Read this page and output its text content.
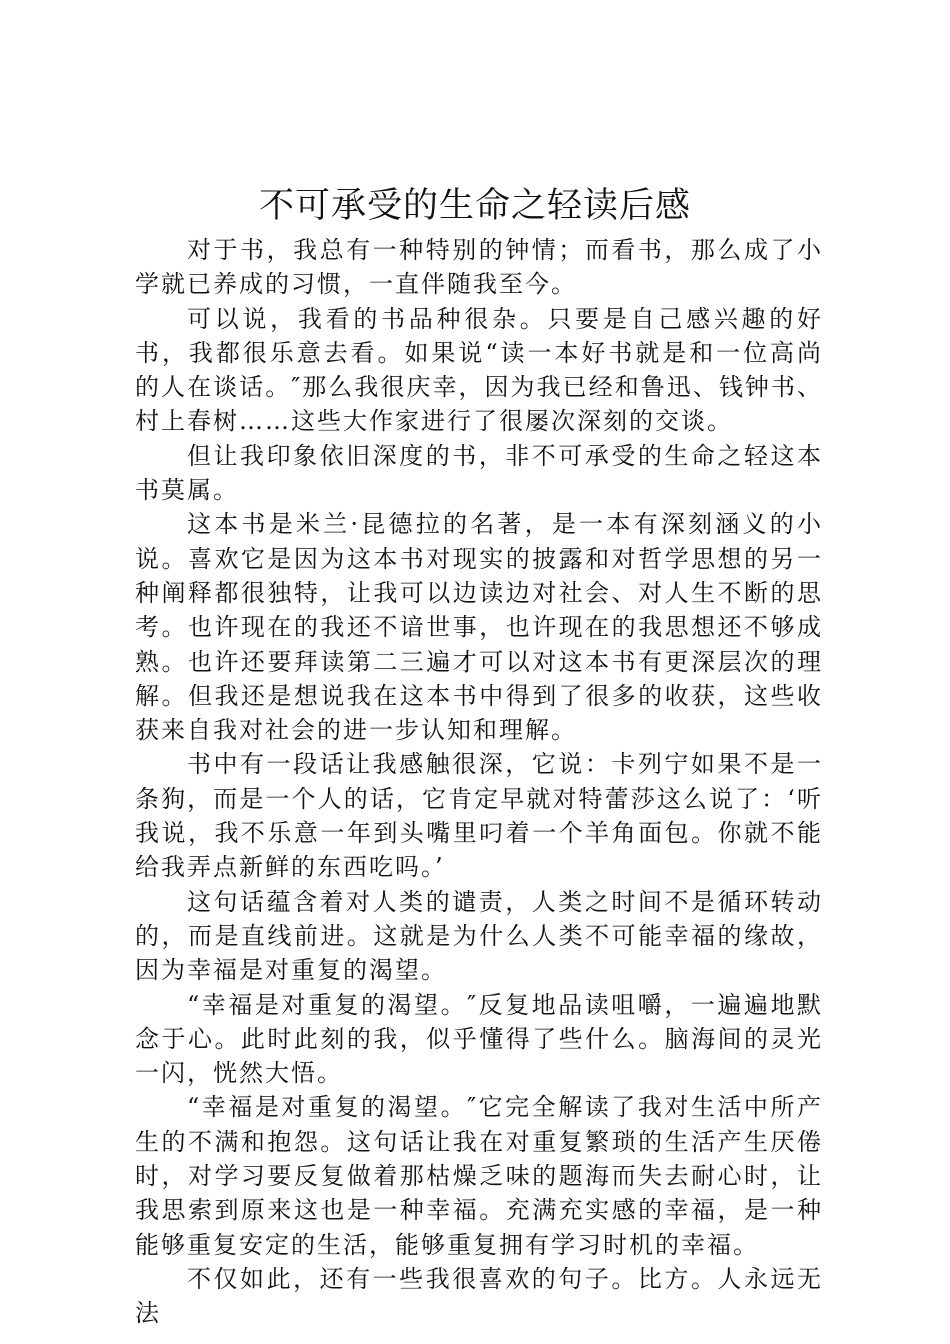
不可承受的生命之轻读后感

对于书，我总有一种特别的钟情；而看书，那么成了小学就已养成的习惯，一直伴随我至今。

可以说，我看的书品种很杂。只要是自己感兴趣的好书，我都很乐意去看。如果说“读一本好书就是和一位高尚的人在谈话。″那么我很庆幸，因为我已经和鲁迅、钱钟书、村上春树……这些大作家进行了很屡次深刻的交谈。

但让我印象依旧深度的书，非不可承受的生命之轻这本书莫属。

这本书是米兰·昆德拉的名著，是一本有深刻涵义的小说。喜欢它是因为这本书对现实的披露和对哲学思想的另一种阐释都很独特，让我可以边读边对社会、对人生不断的思考。也许现在的我还不谙世事，也许现在的我思想还不够成熟。也许还要拜读第二三遍才可以对这本书有更深层次的理解。但我还是想说我在这本书中得到了很多的收获，这些收获来自我对社会的进一步认知和理解。

书中有一段话让我感触很深，它说：卡列宁如果不是一条狗，而是一个人的话，它肯定早就对特蕾莎这么说了：‘听我说，我不乐意一年到头嘴里叼着一个羊角面包。你就不能给我弄点新鲜的东西吃吗。’

这句话蕴含着对人类的谴责，人类之时间不是循环转动的，而是直线前进。这就是为什么人类不可能幸福的缘故，因为幸福是对重复的渴望。

“幸福是对重复的渴望。″反复地品读咀嚼，一遍遍地默念于心。此时此刻的我，似乎懂得了些什么。脑海间的灵光一闪，恍然大悟。

“幸福是对重复的渴望。″它完全解读了我对生活中所产生的不满和抱怨。这句话让我在对重复繁琐的生活产生厌倦时，对学习要反复做着那枯燥乏味的题海而失去耐心时，让我思索到原来这也是一种幸福。充满充实感的幸福，是一种能够重复安定的生活，能够重复拥有学习时机的幸福。

不仅如此，还有一些我很喜欢的句子。比方。人永远无法
